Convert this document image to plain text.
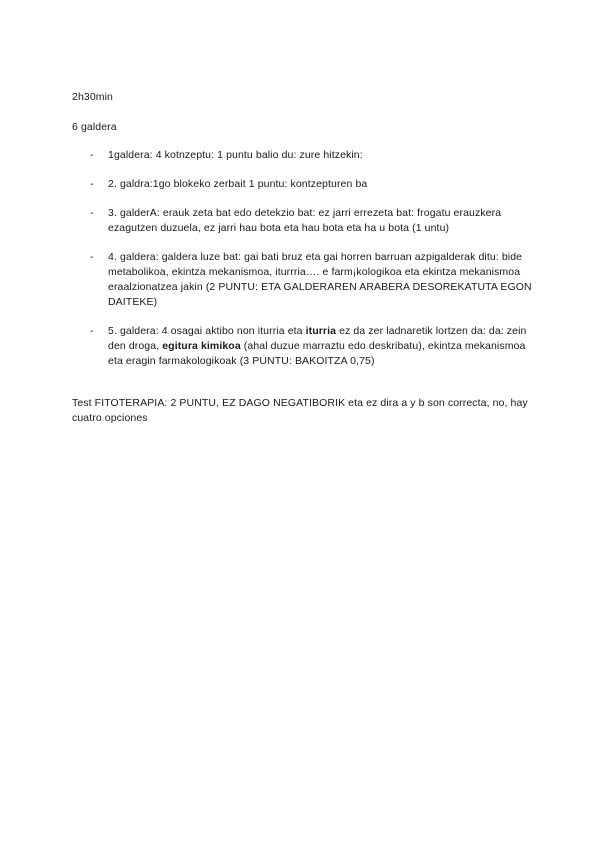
2h30min

6 galdera

- 1galdera: 4 kotnzeptu: 1 puntu balio du: zure hitzekin:
- 2. galdra:1go blokeko zerbait 1 puntu: kontzepturen ba
- 3. galderA: erauk zeta bat edo detekzio bat: ez jarri errezeta bat: frogatu erauzkera ezagutzen duzuela, ez jarri hau bota eta hau bota eta ha u bota (1 untu)
- 4. galdera: galdera luze bat: gai bati bruz eta gai horren barruan azpigalderak ditu: bide metabolikoa, ekintza mekanismoa, iturrria…. e farm¡kologikoa eta ekintza mekanismoa eraalzionatzea jakin (2 PUNTU: ETA GALDERAREN ARABERA DESOREKATUTA EGON DAITEKE)
- 5. galdera: 4 osagai aktibo non iturria eta iturria ez da zer ladnaretik lortzen da: da: zein den droga, egitura kimikoa (ahal duzue marraztu edo deskribatu), ekintza mekanismoa eta eragin farmakologikoak (3 PUNTU: BAKOITZA 0,75)

Test FITOTERAPIA: 2 PUNTU, EZ DAGO NEGATIBORIK eta ez dira a y b son correcta, no, hay cuatro opciones
